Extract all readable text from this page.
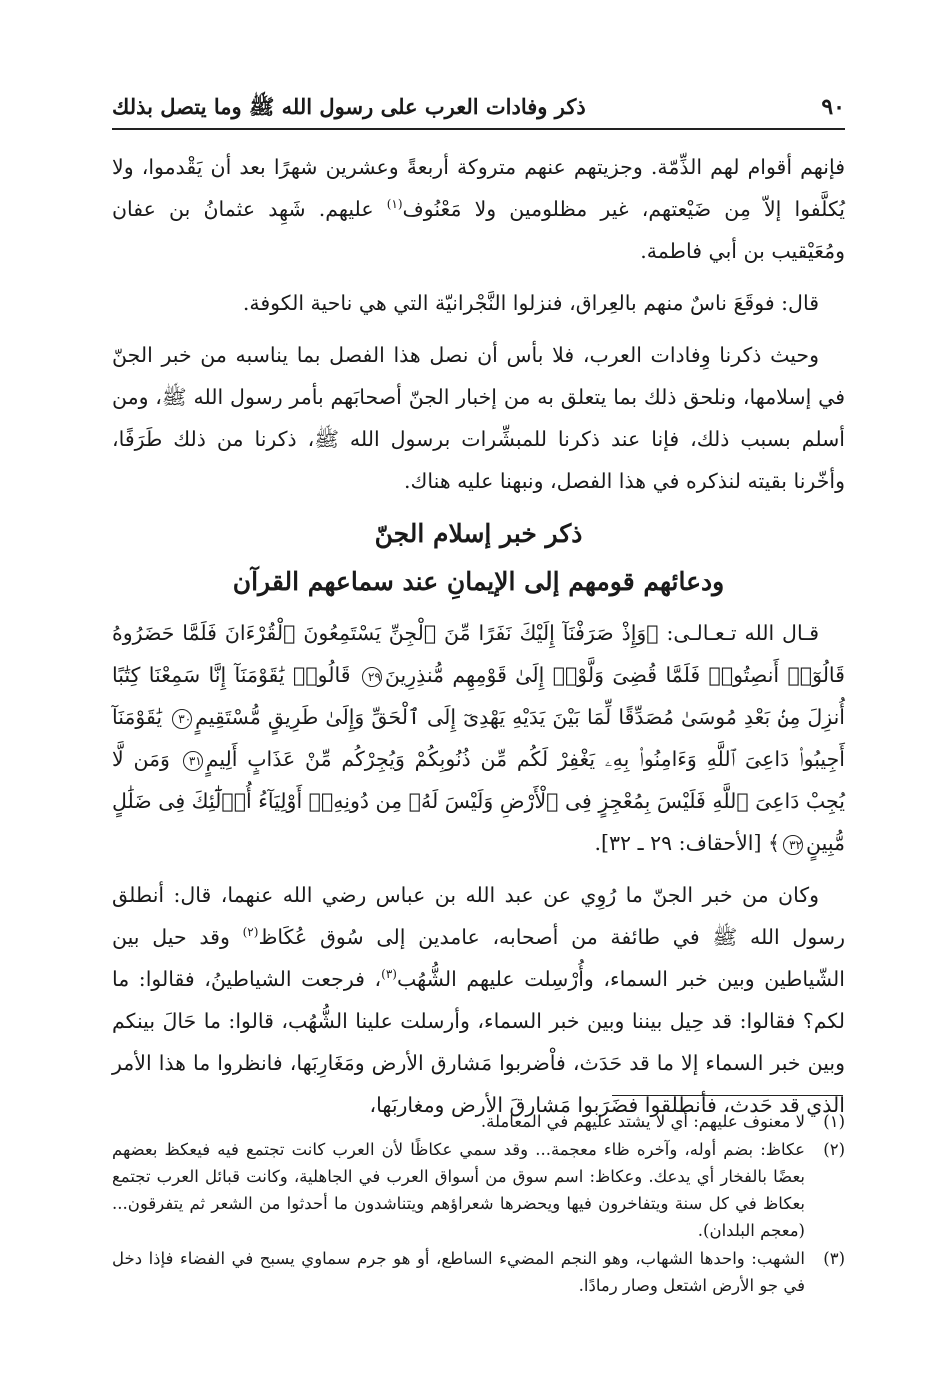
٩٠
ذكر وفادات العرب على رسول الله ﷺ وما يتصل بذلك

فإنهم أقوام لهم الذِّمّة. وجزيتهم عنهم متروكة أربعةً وعشرين شهرًا بعد أن يَقْدموا، ولا يُكلَّفوا إلاّ مِن ضَيْعتهم، غير مظلومين ولا مَعْنُوف$^{(١)}$ عليهم. شَهِد عثمانُ بن عفان ومُعَيْقيب بن أبي فاطمة.

قال: فوقَعَ ناسٌ منهم بالعِراق، فنزلوا النَّجْرانيّة التي هي ناحية الكوفة.

وحيث ذكرنا وِفادات العرب، فلا بأس أن نصل هذا الفصل بما يناسبه من خبر الجنّ في إسلامها، ونلحق ذلك بما يتعلق به من إخبار الجنّ أصحابَهم بأمر رسول الله ﷺ، ومن أسلم بسبب ذلك، فإنا عند ذكرنا للمبشِّرات برسول الله ﷺ، ذكرنا من ذلك طَرَفًا، وأخّرنا بقيته لنذكره في هذا الفصل، ونبهنا عليه هناك.

ذكر خبر إسلام الجنّ
ودعائهم قومهم إلى الإيمانِ عند سماعهم القرآن

قـال الله تـعـالـى: ﴿وَإِذْ صَرَفْنَآ إِلَيْكَ نَفَرًا مِّنَ ٱلْجِنِّ يَسْتَمِعُونَ ٱلْقُرْءَانَ فَلَمَّا حَضَرُوهُ قَالُوٓا۟ أَنصِتُوا۟ فَلَمَّا قُضِىَ وَلَّوْا۟ إِلَىٰ قَوْمِهِم مُّنذِرِينَ٢٩ قَالُوا۟ يَٰقَوْمَنَآ إِنَّا سَمِعْنَا كِتَٰبًا أُنزِلَ مِنۢ بَعْدِ مُوسَىٰ مُصَدِّقًا لِّمَا بَيْنَ يَدَيْهِ يَهْدِىٓ إِلَى ٱلْحَقِّ وَإِلَىٰ طَرِيقٍ مُّسْتَقِيمٍ٣٠ يَٰقَوْمَنَآ أَجِيبُوا۟ دَاعِىَ ٱللَّهِ وَءَامِنُوا۟ بِهِۦ يَغْفِرْ لَكُم مِّن ذُنُوبِكُمْ وَيُجِرْكُم مِّنْ عَذَابٍ أَلِيمٍ٣١ وَمَن لَّا يُجِبْ دَاعِىَ ٱللَّهِ فَلَيْسَ بِمُعْجِزٍ فِى ٱلْأَرْضِ وَلَيْسَ لَهُۥ مِن دُونِهِۦٓ أَوْلِيَآءُ أُو۟لَٰٓئِكَ فِى ضَلَٰلٍ مُّبِينٍ٣٢﴾ [الأحقاف: ٢٩ ـ ٣٢].

وكان من خبر الجنّ ما رُوِي عن عبد الله بن عباس رضي الله عنهما، قال: أنطلق رسول الله ﷺ في طائفة من أصحابه، عامدين إلى سُوق عُكَاظ$^{(٢)}$ وقد حيل بين الشّياطين وبين خبر السماء، وأُرْسِلت عليهم الشُّهُب$^{(٣)}$، فرجعت الشياطينُ، فقالوا: ما لكم؟ فقالوا: قد حِيل بيننا وبين خبر السماء، وأرسلت علينا الشُّهُب، قالوا: ما حَالَ بينكم وبين خبر السماء إلا ما قد حَدَث، فاْضربوا مَشارق الأرض ومَغَارِبَها، فانظروا ما هذا الأمر الذي قد حَدث، فأنطلقوا فضَرَبوا مَشارقَ الأرض ومغاربَها،

(١)
لا معنوف عليهم: أي لا يشتد عليهم في المعاملة.
(٢)
عكاظ: بضم أوله، وآخره ظاء معجمة... وقد سمي عكاظًا لأن العرب كانت تجتمع فيه فيعكظ بعضهم بعضًا بالفخار أي يدعك. وعكاظ: اسم سوق من أسواق العرب في الجاهلية، وكانت قبائل العرب تجتمع بعكاظ في كل سنة ويتفاخرون فيها ويحضرها شعراؤهم ويتناشدون ما أحدثوا من الشعر ثم يتفرقون... (معجم البلدان).
(٣)
الشهب: واحدها الشهاب، وهو النجم المضيء الساطع، أو هو جرم سماوي يسبح في الفضاء فإذا دخل في جو الأرض اشتعل وصار رمادًا.
